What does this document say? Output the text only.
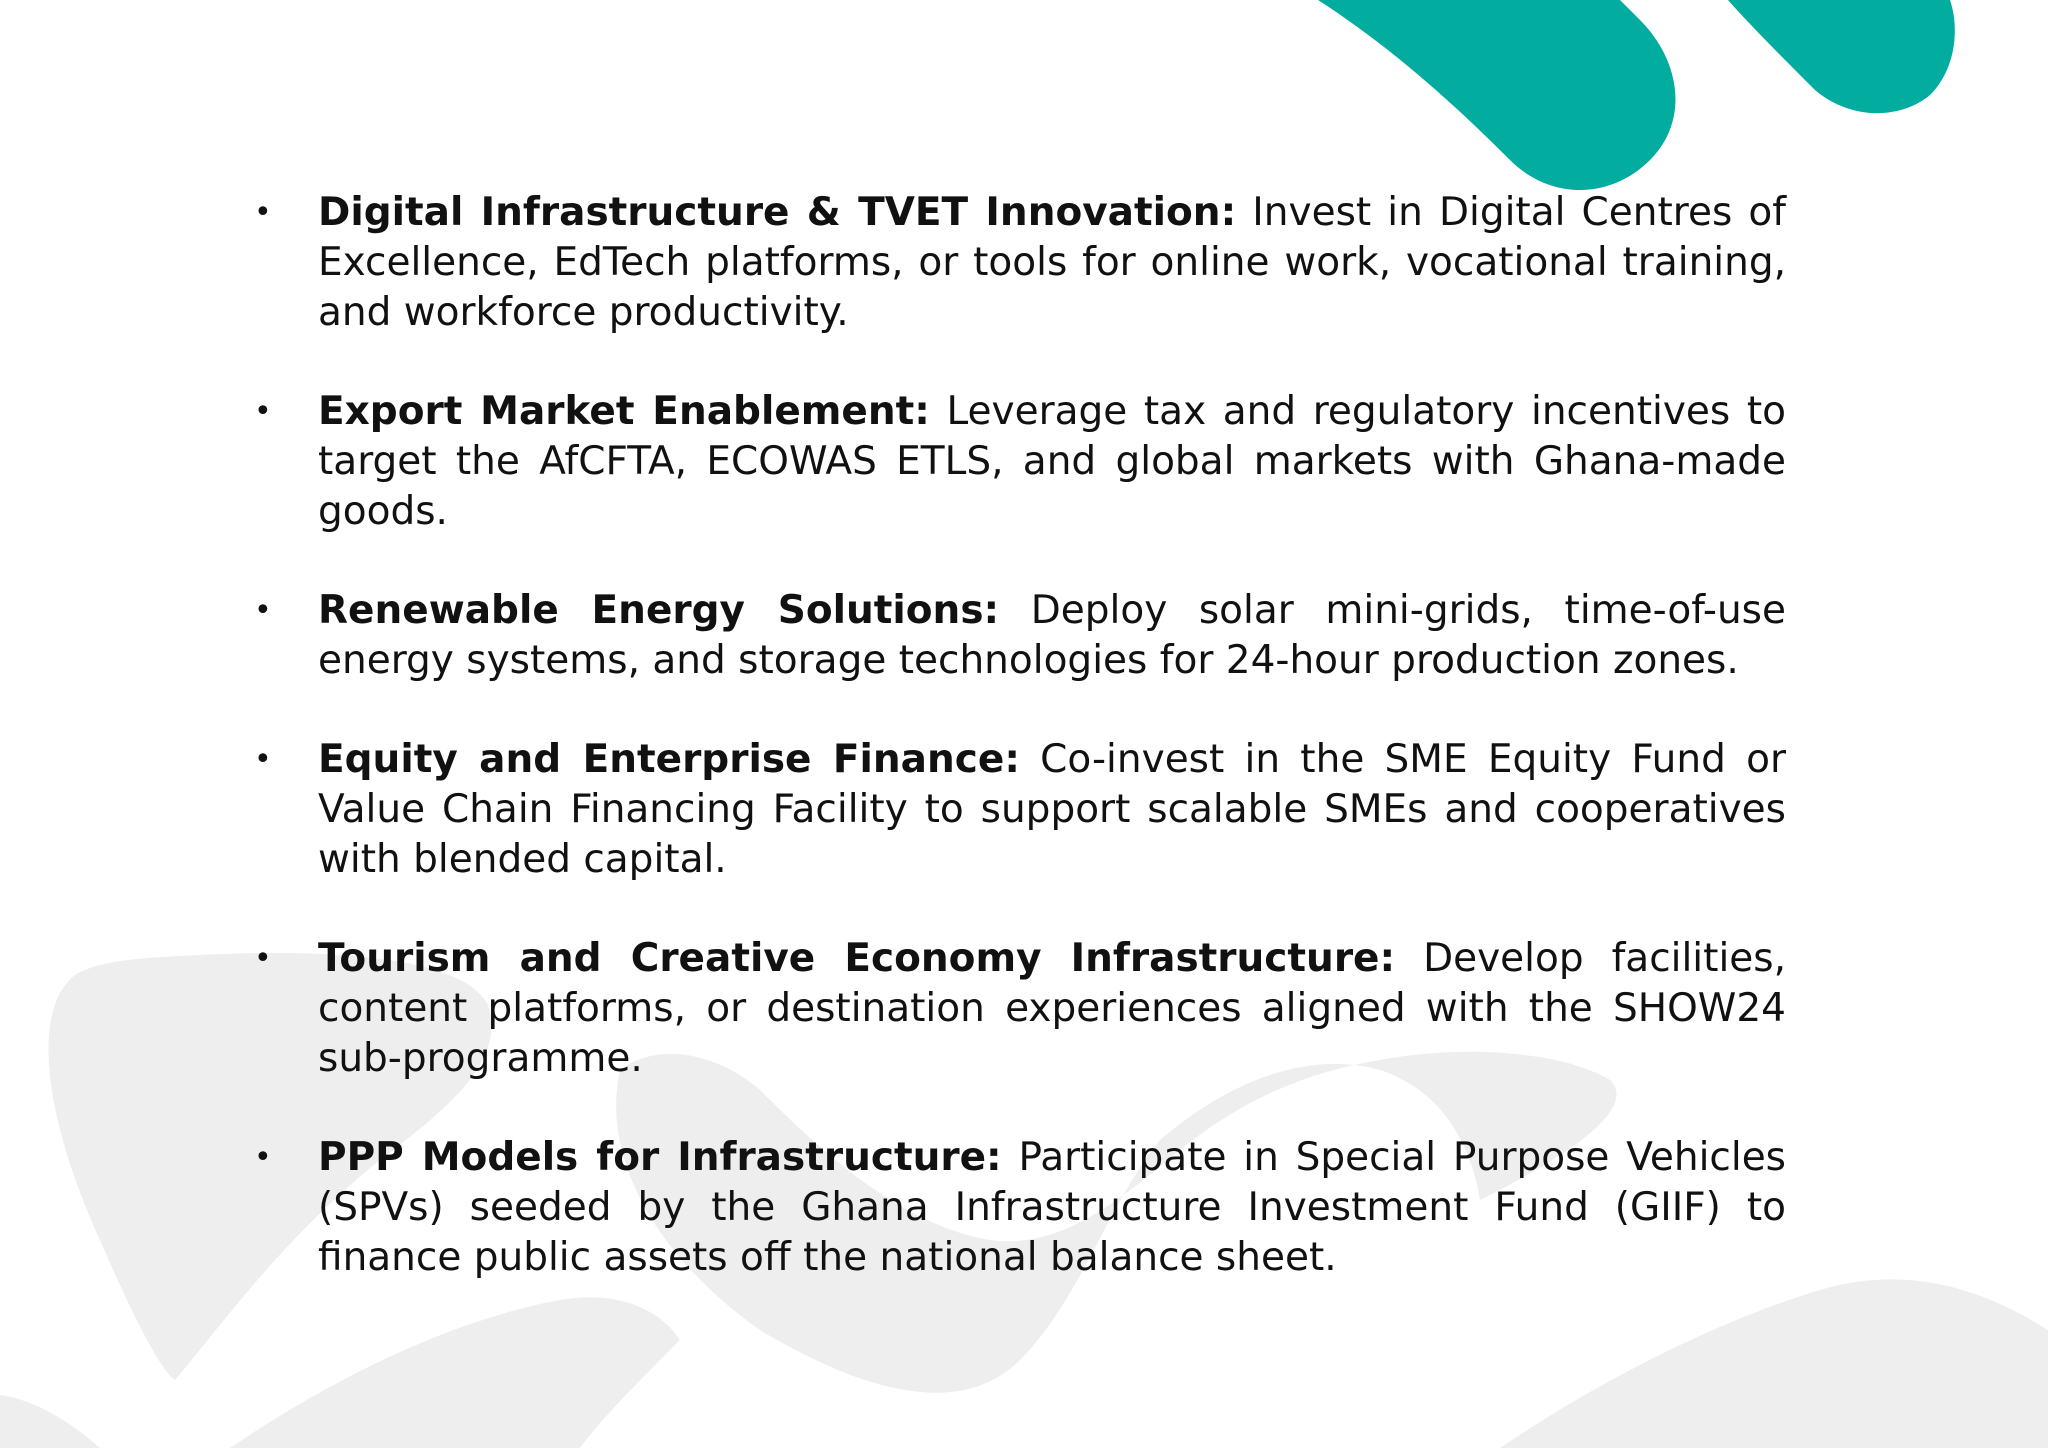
• Digital Infrastructure & TVET Innovation: Invest in Digital Centres of Excellence, EdTech platforms, or tools for online work, vocational training, and workforce productivity.

• Export Market Enablement: Leverage tax and regulatory incentives to target the AfCFTA, ECOWAS ETLS, and global markets with Ghana-made goods.

• Renewable Energy Solutions: Deploy solar mini-grids, time-of-use energy systems, and storage technologies for 24-hour production zones.

• Equity and Enterprise Finance: Co-invest in the SME Equity Fund or Value Chain Financing Facility to support scalable SMEs and cooperatives with blended capital.

• Tourism and Creative Economy Infrastructure: Develop facilities, content platforms, or destination experiences aligned with the SHOW24 sub-programme.

• PPP Models for Infrastructure: Participate in Special Purpose Vehicles (SPVs) seeded by the Ghana Infrastructure Investment Fund (GIIF) to finance public assets off the national balance sheet.
